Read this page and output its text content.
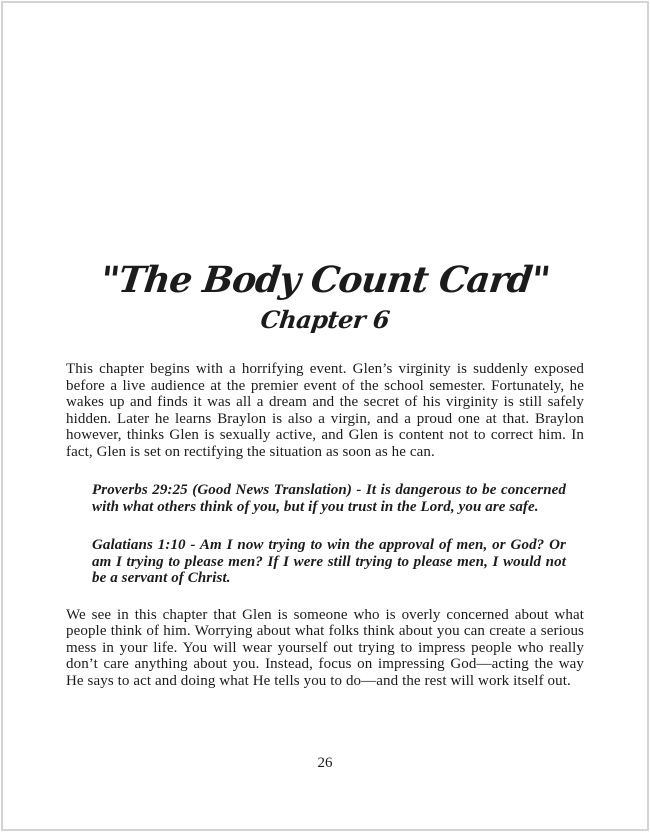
"The Body Count Card"
Chapter 6

This chapter begins with a horrifying event. Glen’s virginity is suddenly exposed before a live audience at the premier event of the school semester. Fortunately, he wakes up and finds it was all a dream and the secret of his virginity is still safely hidden. Later he learns Braylon is also a virgin, and a proud one at that. Braylon however, thinks Glen is sexually active, and Glen is content not to correct him. In fact, Glen is set on rectifying the situation as soon as he can.

Proverbs 29:25 (Good News Translation) - It is dangerous to be concerned with what others think of you, but if you trust in the Lord, you are safe.
Galatians 1:10 - Am I now trying to win the approval of men, or God? Or am I trying to please men? If I were still trying to please men, I would not be a servant of Christ.

We see in this chapter that Glen is someone who is overly concerned about what people think of him. Worrying about what folks think about you can create a serious mess in your life. You will wear yourself out trying to impress people who really don’t care anything about you. Instead, focus on impressing God—acting the way He says to act and doing what He tells you to do—and the rest will work itself out.

26
